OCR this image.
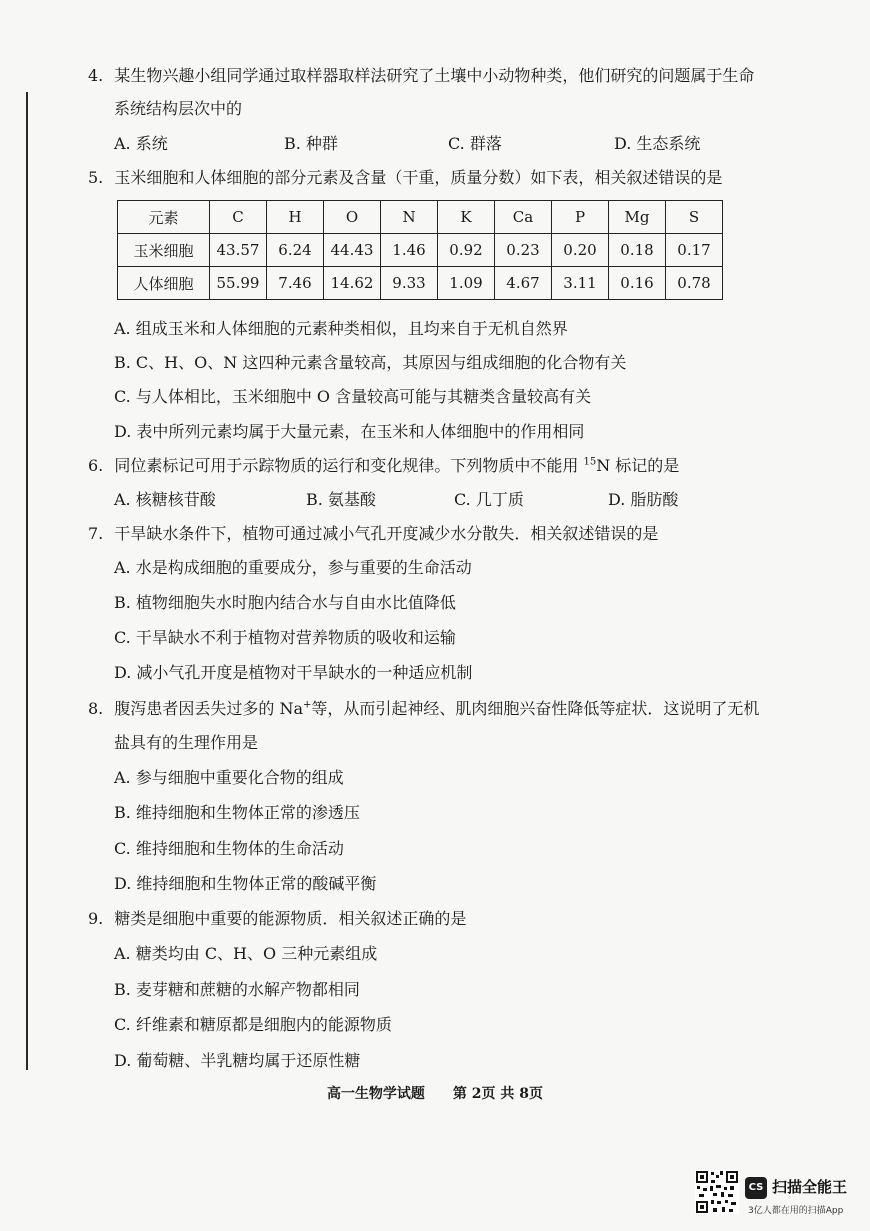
4. 某生物兴趣小组同学通过取样器取样法研究了土壤中小动物种类，他们研究的问题属于生命
系统结构层次中的
A. 系统	B. 种群	C. 群落	D. 生态系统
5. 玉米细胞和人体细胞的部分元素及含量（干重，质量分数）如下表，相关叙述错误的是
元素	C	H	O	N	K	Ca	P	Mg	S
玉米细胞	43.57	6.24	44.43	1.46	0.92	0.23	0.20	0.18	0.17
人体细胞	55.99	7.46	14.62	9.33	1.09	4.67	3.11	0.16	0.78
A. 组成玉米和人体细胞的元素种类相似，且均来自于无机自然界
B. C、H、O、N 这四种元素含量较高，其原因与组成细胞的化合物有关
C. 与人体相比，玉米细胞中 O 含量较高可能与其糖类含量较高有关
D. 表中所列元素均属于大量元素，在玉米和人体细胞中的作用相同
6. 同位素标记可用于示踪物质的运行和变化规律。下列物质中不能用 $^{15}$N 标记的是
A. 核糖核苷酸	B. 氨基酸	C. 几丁质	D. 脂肪酸
7. 干旱缺水条件下，植物可通过减小气孔开度减少水分散失．相关叙述错误的是
A. 水是构成细胞的重要成分，参与重要的生命活动
B. 植物细胞失水时胞内结合水与自由水比值降低
C. 干旱缺水不利于植物对营养物质的吸收和运输
D. 减小气孔开度是植物对干旱缺水的一种适应机制
8. 腹泻患者因丢失过多的 Na+等，从而引起神经、肌肉细胞兴奋性降低等症状．这说明了无机
盐具有的生理作用是
A. 参与细胞中重要化合物的组成
B. 维持细胞和生物体正常的渗透压
C. 维持细胞和生物体的生命活动
D. 维持细胞和生物体正常的酸碱平衡
9. 糖类是细胞中重要的能源物质．相关叙述正确的是
A. 糖类均由 C、H、O 三种元素组成
B. 麦芽糖和蔗糖的水解产物都相同
C. 纤维素和糖原都是细胞内的能源物质
D. 葡萄糖、半乳糖均属于还原性糖
高一生物学试题　　第 2页 共 8页
CS 扫描全能王
3亿人都在用的扫描App
